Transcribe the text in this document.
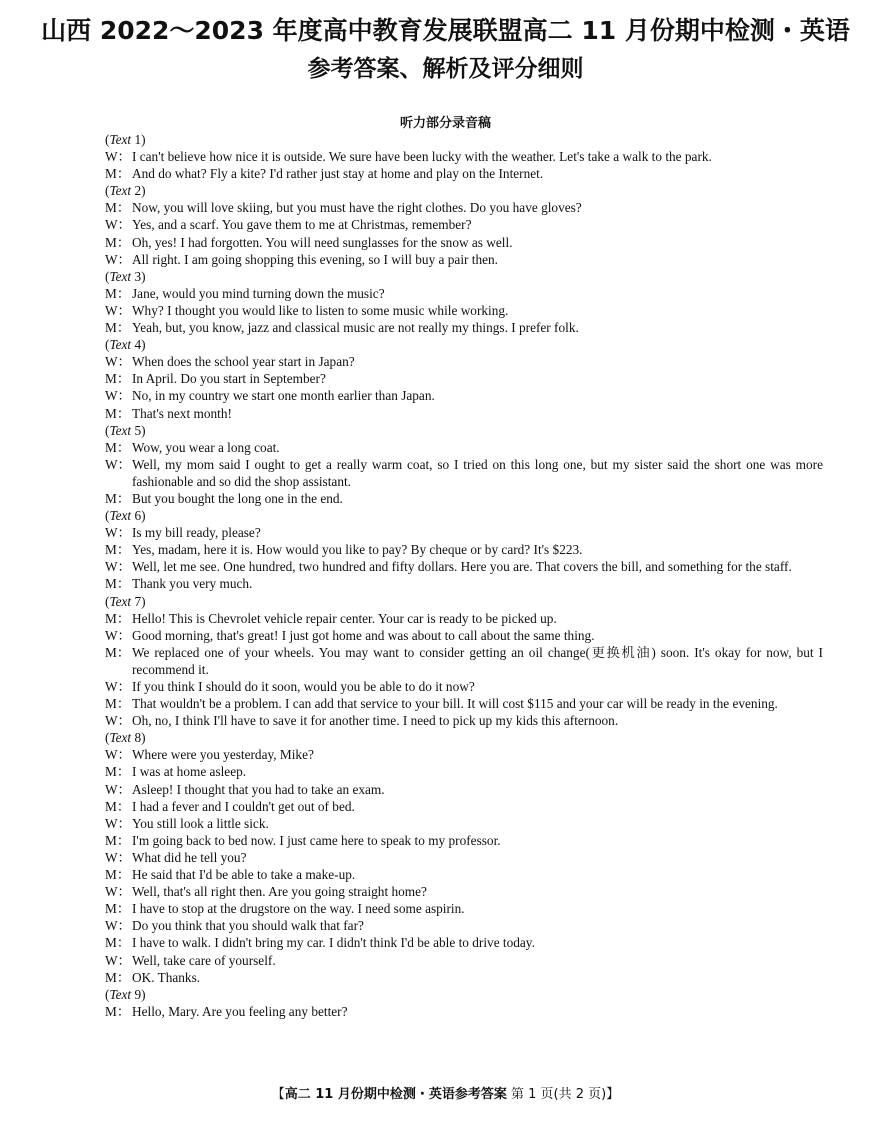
山西 2022～2023 年度高中教育发展联盟高二 11 月份期中检测・英语
参考答案、解析及评分细则
听力部分录音稿
(Text 1)
W： I can't believe how nice it is outside. We sure have been lucky with the weather. Let's take a walk to the park.
M： And do what? Fly a kite? I'd rather just stay at home and play on the Internet.
(Text 2)
M： Now, you will love skiing, but you must have the right clothes. Do you have gloves?
W： Yes, and a scarf. You gave them to me at Christmas, remember?
M： Oh, yes! I had forgotten. You will need sunglasses for the snow as well.
W： All right. I am going shopping this evening, so I will buy a pair then.
(Text 3)
M： Jane, would you mind turning down the music?
W： Why? I thought you would like to listen to some music while working.
M： Yeah, but, you know, jazz and classical music are not really my things. I prefer folk.
(Text 4)
W： When does the school year start in Japan?
M： In April. Do you start in September?
W： No, in my country we start one month earlier than Japan.
M： That's next month!
(Text 5)
M： Wow, you wear a long coat.
W： Well, my mom said I ought to get a really warm coat, so I tried on this long one, but my sister said the short one was more fashionable and so did the shop assistant.
M： But you bought the long one in the end.
(Text 6)
W： Is my bill ready, please?
M： Yes, madam, here it is. How would you like to pay? By cheque or by card? It's $223.
W： Well, let me see. One hundred, two hundred and fifty dollars. Here you are. That covers the bill, and something for the staff.
M： Thank you very much.
(Text 7)
M： Hello! This is Chevrolet vehicle repair center. Your car is ready to be picked up.
W： Good morning, that's great! I just got home and was about to call about the same thing.
M： We replaced one of your wheels. You may want to consider getting an oil change(更换机油) soon. It's okay for now, but I recommend it.
W： If you think I should do it soon, would you be able to do it now?
M： That wouldn't be a problem. I can add that service to your bill. It will cost $115 and your car will be ready in the evening.
W： Oh, no, I think I'll have to save it for another time. I need to pick up my kids this afternoon.
(Text 8)
W： Where were you yesterday, Mike?
M： I was at home asleep.
W： Asleep! I thought that you had to take an exam.
M： I had a fever and I couldn't get out of bed.
W： You still look a little sick.
M： I'm going back to bed now. I just came here to speak to my professor.
W： What did he tell you?
M： He said that I'd be able to take a make-up.
W： Well, that's all right then. Are you going straight home?
M： I have to stop at the drugstore on the way. I need some aspirin.
W： Do you think that you should walk that far?
M： I have to walk. I didn't bring my car. I didn't think I'd be able to drive today.
W： Well, take care of yourself.
M： OK. Thanks.
(Text 9)
M： Hello, Mary. Are you feeling any better?
【高二 11 月份期中检测・英语参考答案 第 1 页(共 2 页)】
